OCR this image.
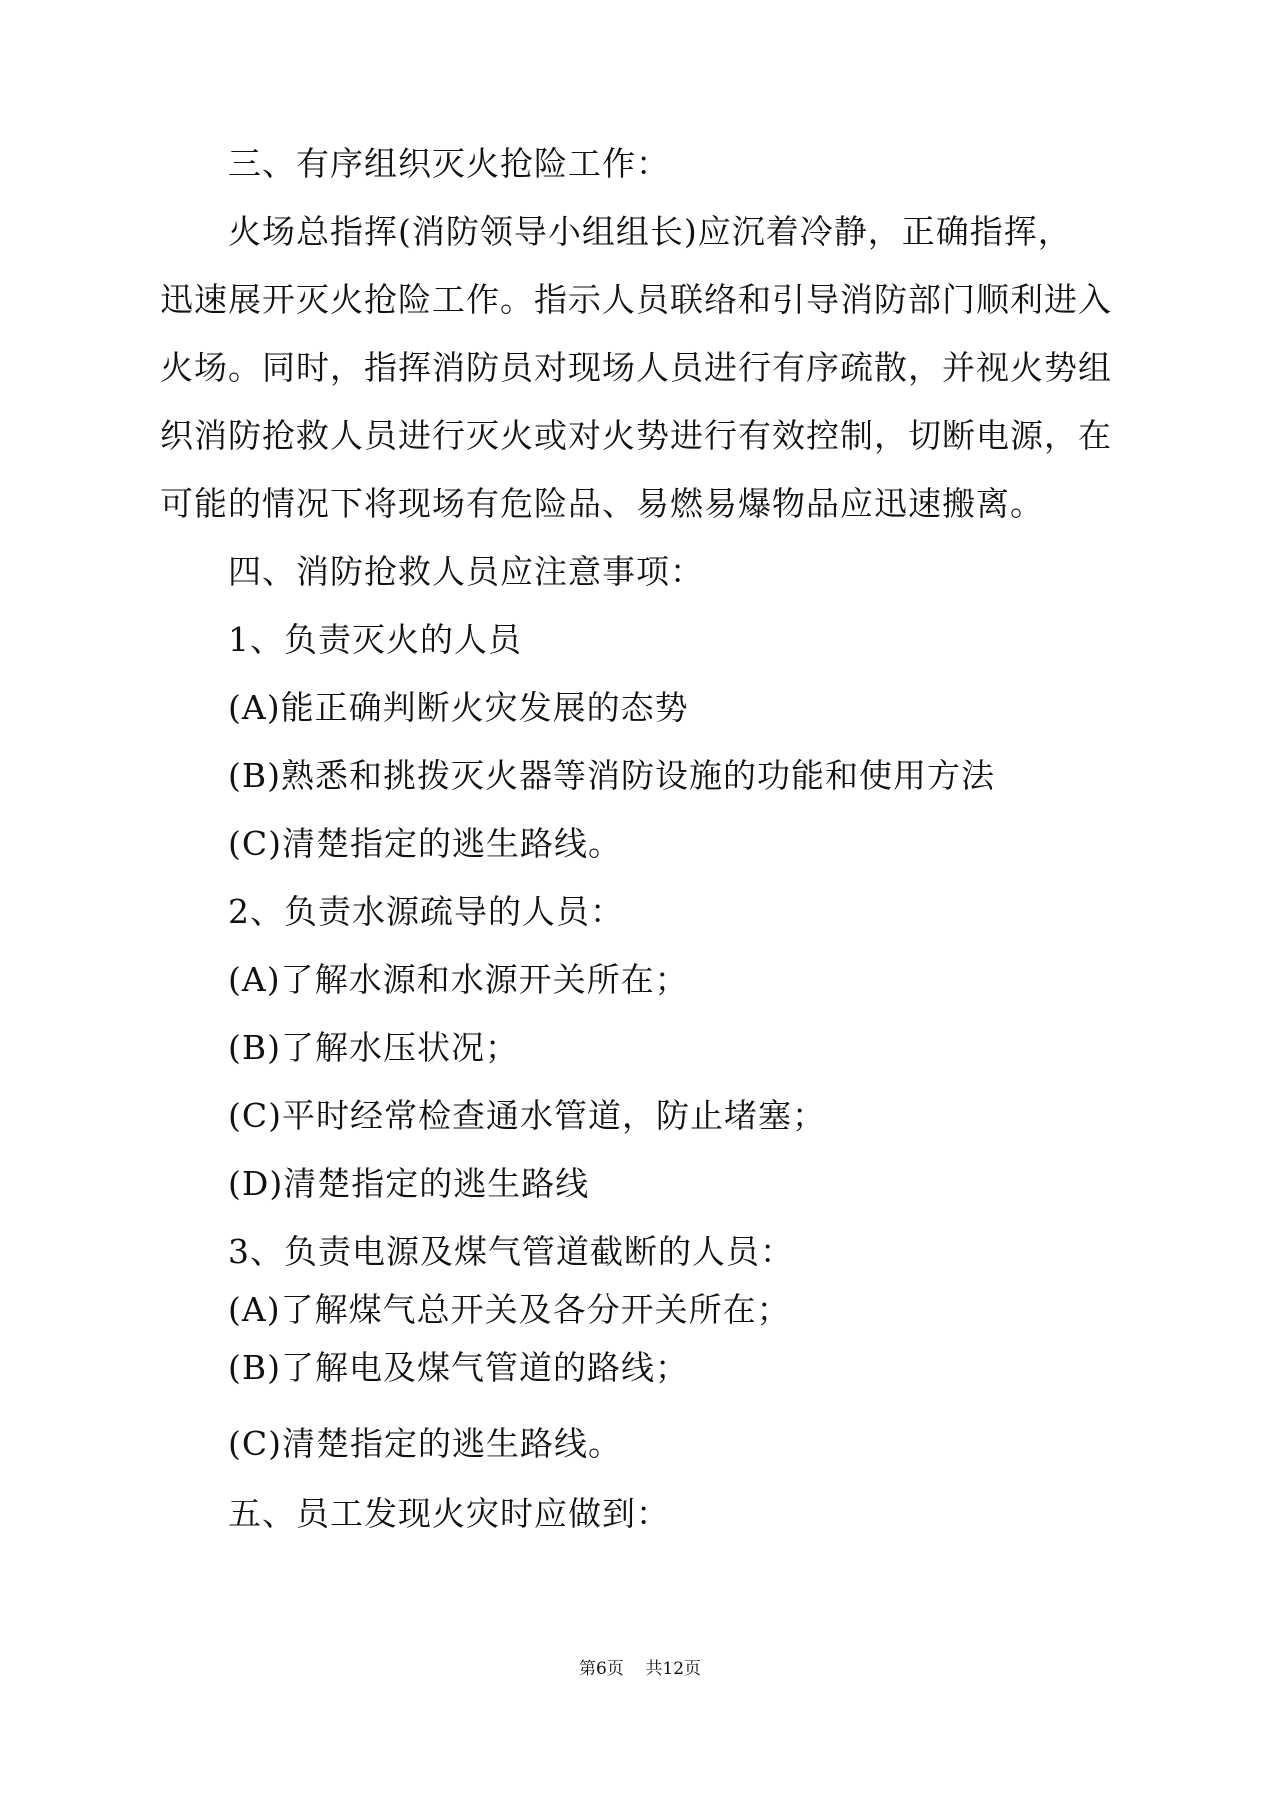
三、有序组织灭火抢险工作：
火场总指挥(消防领导小组组长)应沉着冷静，正确指挥，
迅速展开灭火抢险工作。指示人员联络和引导消防部门顺利进入
火场。同时，指挥消防员对现场人员进行有序疏散，并视火势组
织消防抢救人员进行灭火或对火势进行有效控制，切断电源，在
可能的情况下将现场有危险品、易燃易爆物品应迅速搬离。
四、消防抢救人员应注意事项：
1、负责灭火的人员
(A)能正确判断火灾发展的态势
(B)熟悉和挑拨灭火器等消防设施的功能和使用方法
(C)清楚指定的逃生路线。
2、负责水源疏导的人员：
(A)了解水源和水源开关所在；
(B)了解水压状况；
(C)平时经常检查通水管道，防止堵塞；
(D)清楚指定的逃生路线
3、负责电源及煤气管道截断的人员：
(A)了解煤气总开关及各分开关所在；
(B)了解电及煤气管道的路线；
(C)清楚指定的逃生路线。
五、员工发现火灾时应做到：
第6页 共12页
